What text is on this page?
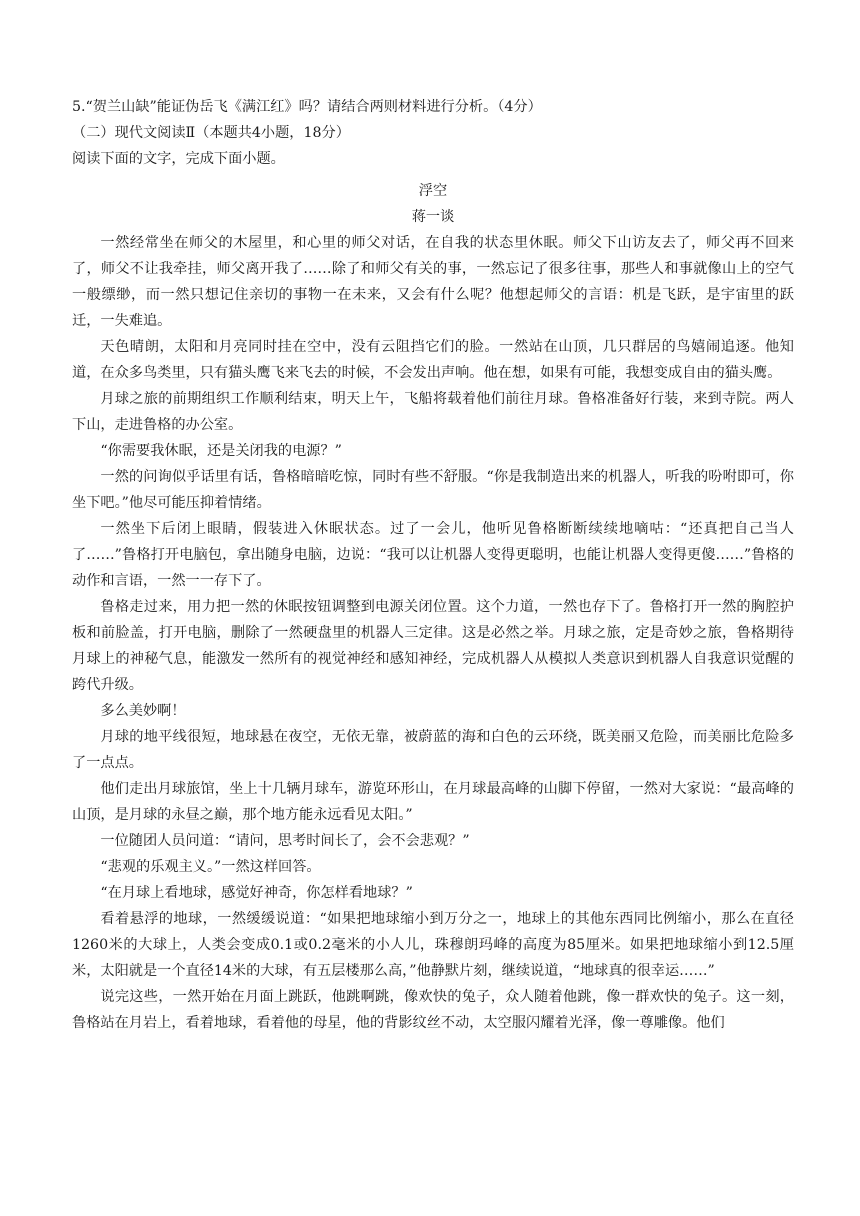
5.“贺兰山缺”能证伪岳飞《满江红》吗？请结合两则材料进行分析。（4分）

（二）现代文阅读Ⅱ（本题共4小题，18分）

阅读下面的文字，完成下面小题。

浮空

蒋一谈

一然经常坐在师父的木屋里，和心里的师父对话，在自我的状态里休眠。师父下山访友去了，师父再不回来了，师父不让我牵挂，师父离开我了……除了和师父有关的事，一然忘记了很多往事，那些人和事就像山上的空气一般缥缈，而一然只想记住亲切的事物一在未来，又会有什么呢？他想起师父的言语：机是飞跃，是宇宙里的跃迁，一失难追。

天色晴朗，太阳和月亮同时挂在空中，没有云阻挡它们的脸。一然站在山顶，几只群居的鸟嬉闹追逐。他知道，在众多鸟类里，只有猫头鹰飞来飞去的时候，不会发出声响。他在想，如果有可能，我想变成自由的猫头鹰。

月球之旅的前期组织工作顺利结束，明天上午，飞船将载着他们前往月球。鲁格准备好行装，来到寺院。两人下山，走进鲁格的办公室。

“你需要我休眠，还是关闭我的电源？”

一然的问询似乎话里有话，鲁格暗暗吃惊，同时有些不舒服。“你是我制造出来的机器人，听我的吩咐即可，你坐下吧。”他尽可能压抑着情绪。

一然坐下后闭上眼睛，假装进入休眠状态。过了一会儿，他听见鲁格断断续续地嘀咕：“还真把自己当人了……”鲁格打开电脑包，拿出随身电脑，边说：“我可以让机器人变得更聪明，也能让机器人变得更傻……”鲁格的动作和言语，一然一一存下了。

鲁格走过来，用力把一然的休眠按钮调整到电源关闭位置。这个力道，一然也存下了。鲁格打开一然的胸腔护板和前脸盖，打开电脑，删除了一然硬盘里的机器人三定律。这是必然之举。月球之旅，定是奇妙之旅，鲁格期待月球上的神秘气息，能激发一然所有的视觉神经和感知神经，完成机器人从模拟人类意识到机器人自我意识觉醒的跨代升级。

多么美妙啊！

月球的地平线很短，地球悬在夜空，无依无靠，被蔚蓝的海和白色的云环绕，既美丽又危险，而美丽比危险多了一点点。

他们走出月球旅馆，坐上十几辆月球车，游览环形山，在月球最高峰的山脚下停留，一然对大家说：“最高峰的山顶，是月球的永昼之巅，那个地方能永远看见太阳。”

一位随团人员问道：“请问，思考时间长了，会不会悲观？”

“悲观的乐观主义。”一然这样回答。

“在月球上看地球，感觉好神奇，你怎样看地球？”

看着悬浮的地球，一然缓缓说道：“如果把地球缩小到万分之一，地球上的其他东西同比例缩小，那么在直径1260米的大球上，人类会变成0.1或0.2毫米的小人儿，珠穆朗玛峰的高度为85厘米。如果把地球缩小到12.5厘米，太阳就是一个直径14米的大球，有五层楼那么高，”他静默片刻，继续说道，“地球真的很幸运……”

说完这些，一然开始在月面上跳跃，他跳啊跳，像欢快的兔子，众人随着他跳，像一群欢快的兔子。这一刻，鲁格站在月岩上，看着地球，看着他的母星，他的背影纹丝不动，太空服闪耀着光泽，像一尊雕像。他们
